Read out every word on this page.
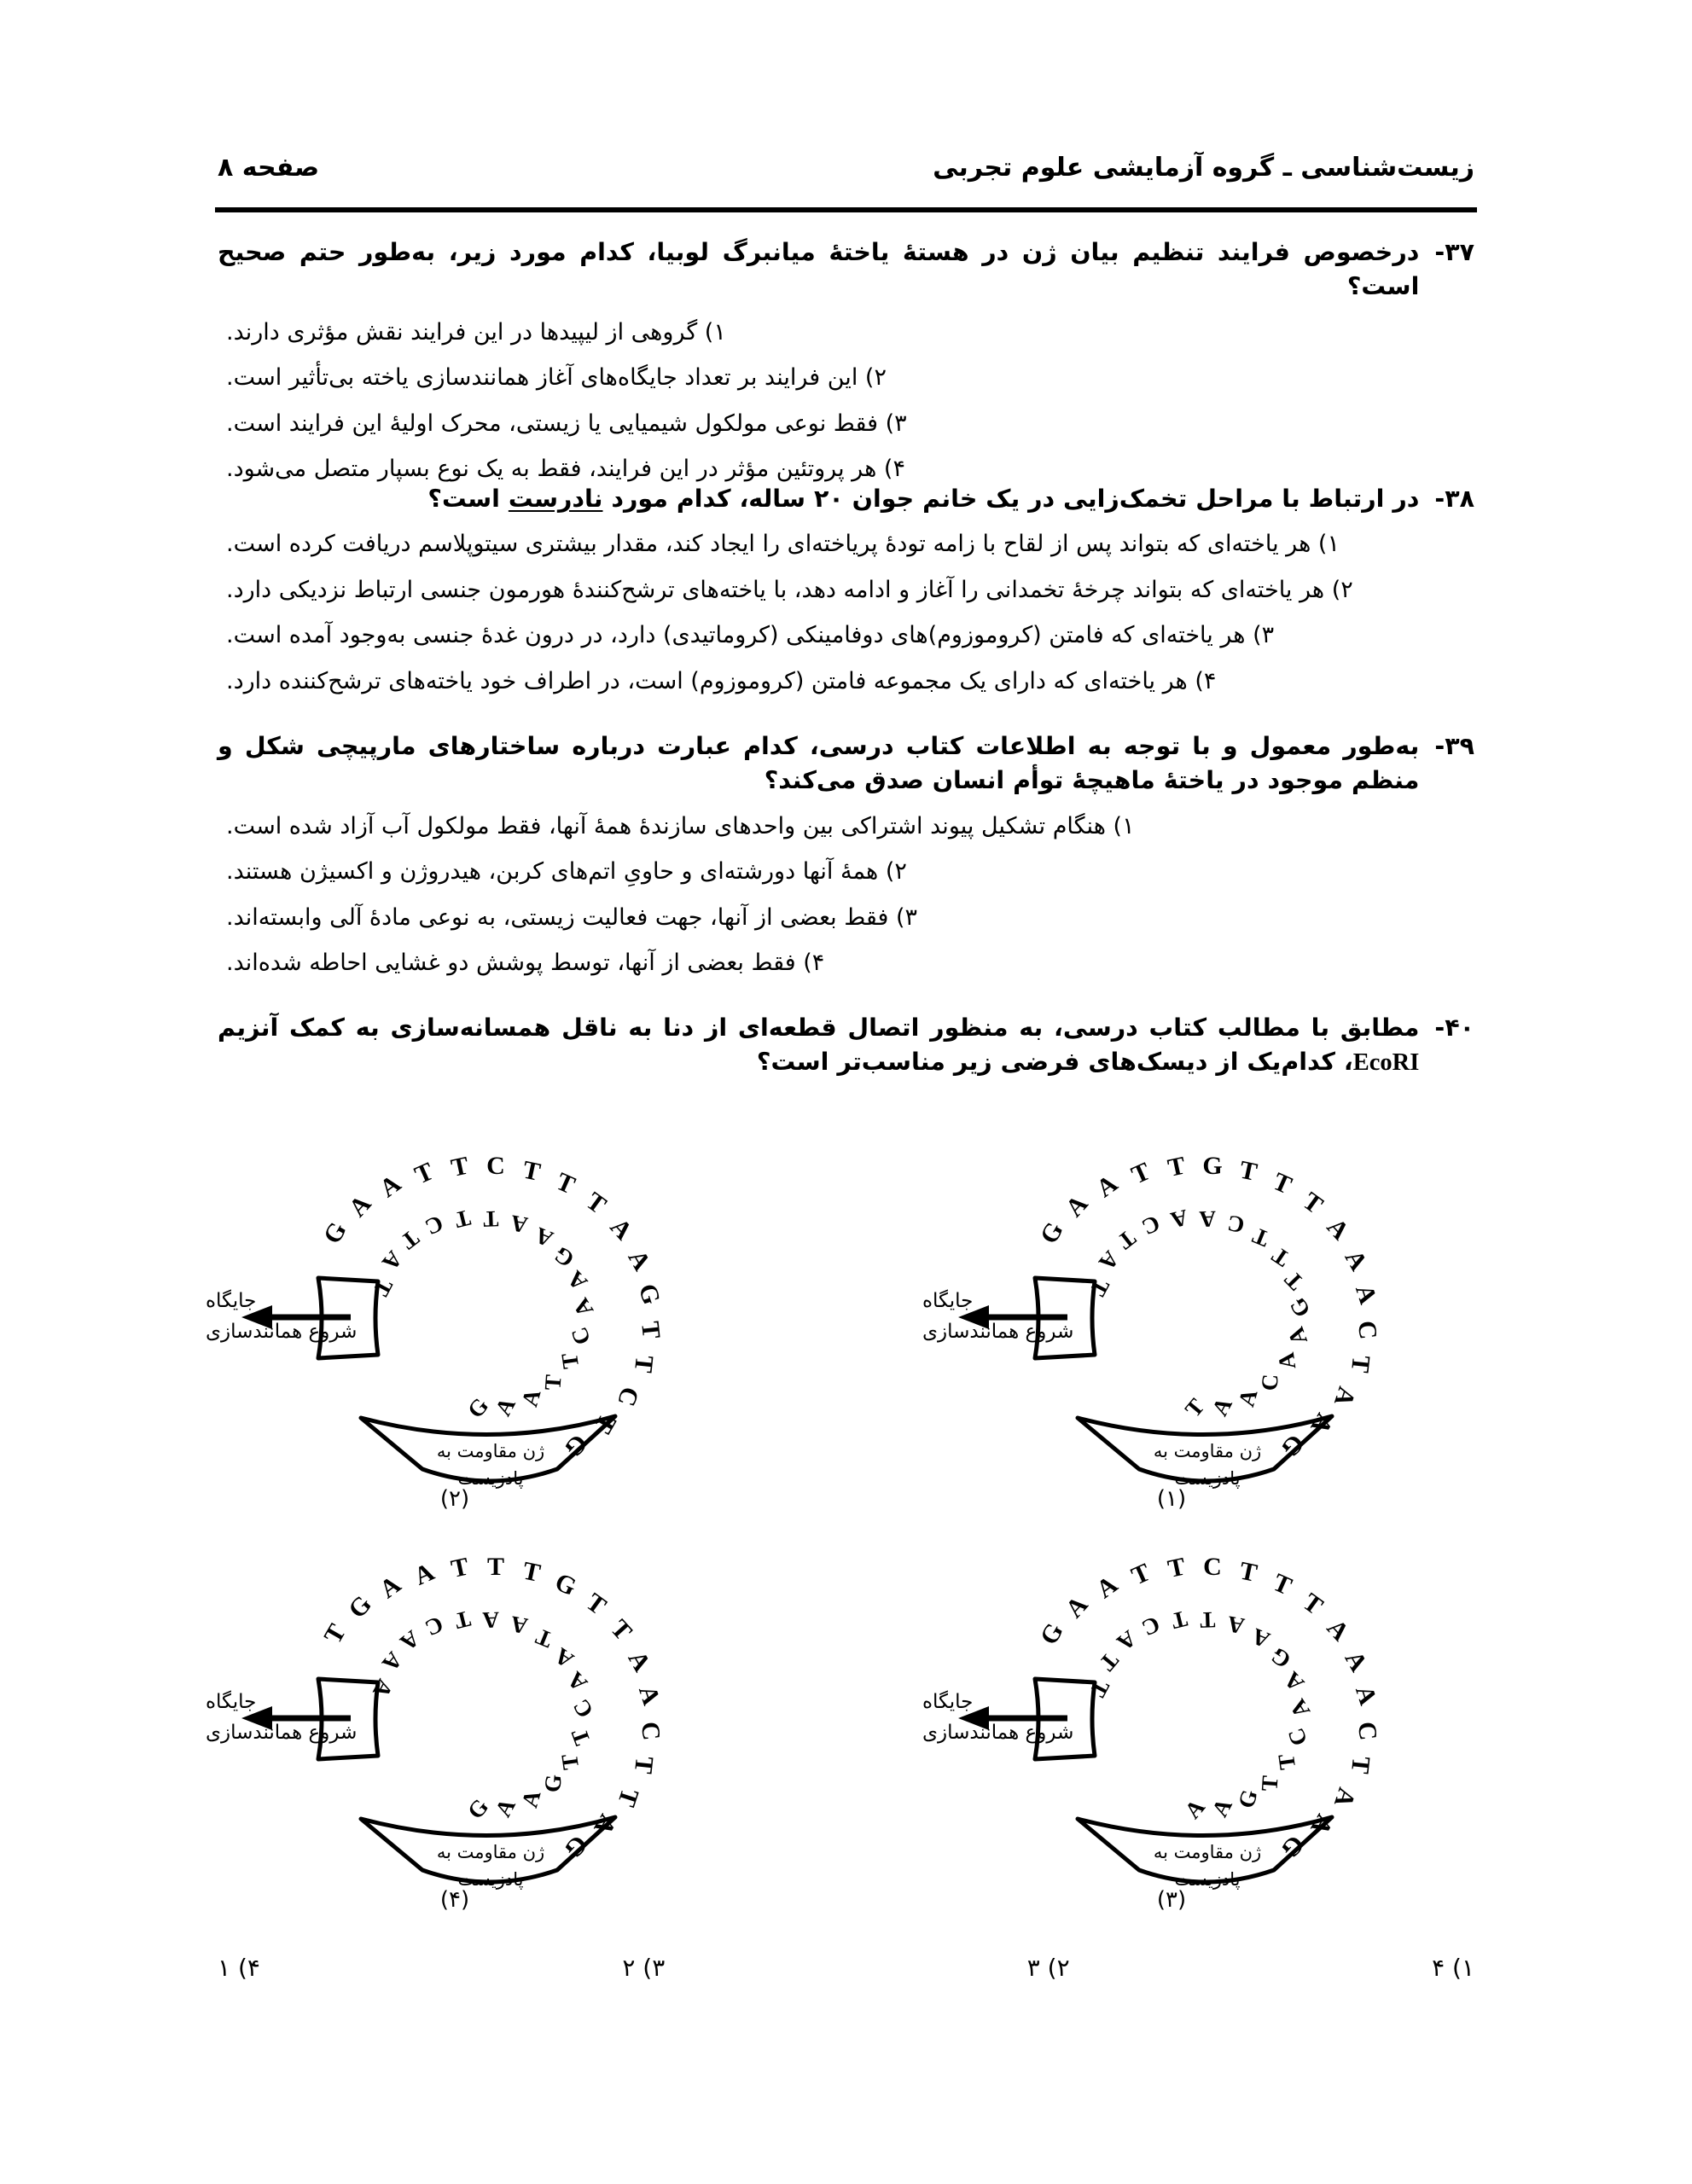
زیست‌شناسی ـ گروه آزمایشی علوم تجربی
صفحه ۸
۳۷-
درخصوص فرایند تنظیم بیان ژن در هستهٔ یاختهٔ میانبرگ لوبیا، کدام مورد زیر، به‌طور حتم صحیح است؟
۱) گروهی از لیپیدها در این فرایند نقش مؤثری دارند.
۲) این فرایند بر تعداد جایگاه‌های آغاز همانندسازی یاخته بی‌تأثیر است.
۳) فقط نوعی مولکول شیمیایی یا زیستی، محرک اولیهٔ این فرایند است.
۴) هر پروتئین مؤثر در این فرایند، فقط به یک نوع بسپار متصل می‌شود.
۳۸-
در ارتباط با مراحل تخمک‌زایی در یک خانم جوان ۲۰ ساله، کدام مورد نادرست است؟
۱) هر یاخته‌ای که بتواند پس از لقاح با زامه تودهٔ پریاخته‌ای را ایجاد کند، مقدار بیشتری سیتوپلاسم دریافت کرده است.
۲) هر یاخته‌ای که بتواند چرخهٔ تخمدانی را آغاز و ادامه دهد، با یاخته‌های ترشح‌کنندهٔ هورمون جنسی ارتباط نزدیکی دارد.
۳) هر یاخته‌ای که فامتن (کروموزوم)های دوفامینکی (کروماتیدی) دارد، در درون غدهٔ جنسی به‌وجود آمده است.
۴) هر یاخته‌ای که دارای یک مجموعه فامتن (کروموزوم) است، در اطراف خود یاخته‌های ترشح‌کننده دارد.
۳۹-
به‌طور معمول و با توجه به اطلاعات کتاب درسی، کدام عبارت درباره ساختارهای مارپیچی شکل و منظم موجود در یاختهٔ ماهیچهٔ توأم انسان صدق می‌کند؟
۱) هنگام تشکیل پیوند اشتراکی بین واحدهای سازندهٔ همهٔ آنها، فقط مولکول آب آزاد شده است.
۲) همهٔ آنها دورشته‌ای و حاویِ اتم‌های کربن، هیدروژن و اکسیژن هستند.
۳) فقط بعضی از آنها، جهت فعالیت زیستی، به نوعی مادهٔ آلی وابسته‌اند.
۴) فقط بعضی از آنها، توسط پوشش دو غشایی احاطه شده‌اند.
۴۰-
مطابق با مطالب کتاب درسی، به منظور اتصال قطعه‌ای از دنا به ناقل همسانه‌سازی به کمک آنزیم EcoRI، کدام‌یک از دیسک‌های فرضی زیر مناسب‌تر است؟
جایگاه
شروع همانندسازی
ژن مقاومت به
پادزیست
G
A
A T T G T T
T
A
A
A
C
T
A
A
G
T
A
T
C A A C T
T
T
G
A
A
C
A
A
T
(۱)
جایگاه
شروع همانندسازی
ژن مقاومت به
پادزیست
G
A
A T T C T T
T
A
A
G
T
T
C
T
G
T
A
T
C T T A A
G
A
A
C
T
T
A
A
G
(۲)
جایگاه
شروع همانندسازی
ژن مقاومت به
پادزیست
G
A
A T T C T T
T
A
A
A
C
T
A
A
G
T
T
A
C T T A A
G
A
A
C
T
T
G
A
A
(۳)
جایگاه
شروع همانندسازی
ژن مقاومت به
پادزیست
T
G
A A T T T G
T
T
A
A
C
T
T
A
G
A
A
A
C T A A T
A
A
C
T
T
G
A
A
G
(۴)
۱) ۴
۲) ۳
۳) ۲
۴) ۱
